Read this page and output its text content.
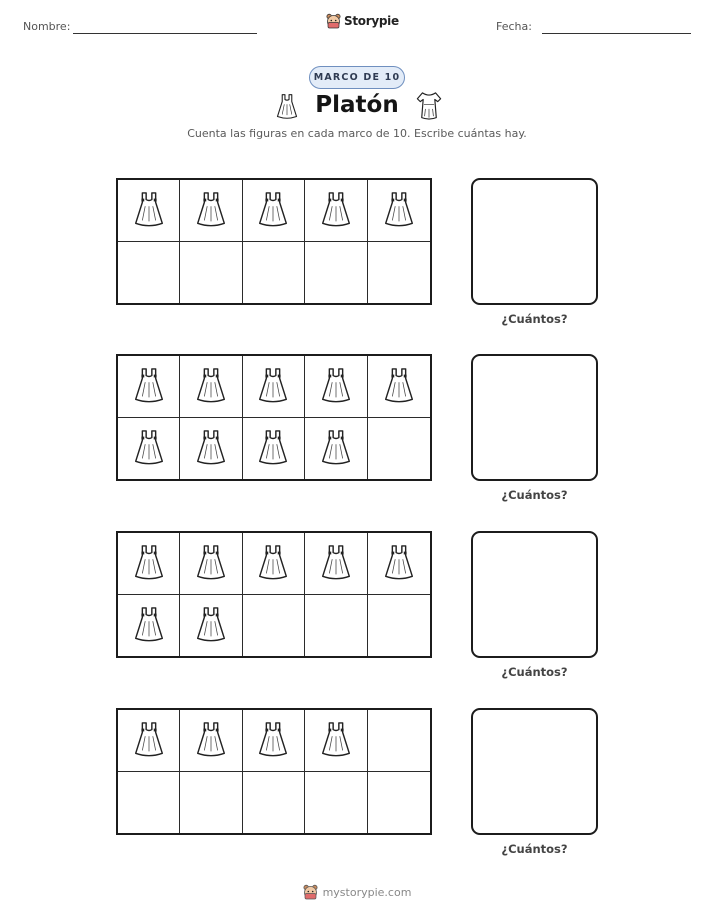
Nombre:	Storypie	Fecha:
MARCO DE 10
Platón
Cuenta las figuras en cada marco de 10. Escribe cuántas hay.
¿Cuántos?
¿Cuántos?
¿Cuántos?
¿Cuántos?
mystorypie.com
